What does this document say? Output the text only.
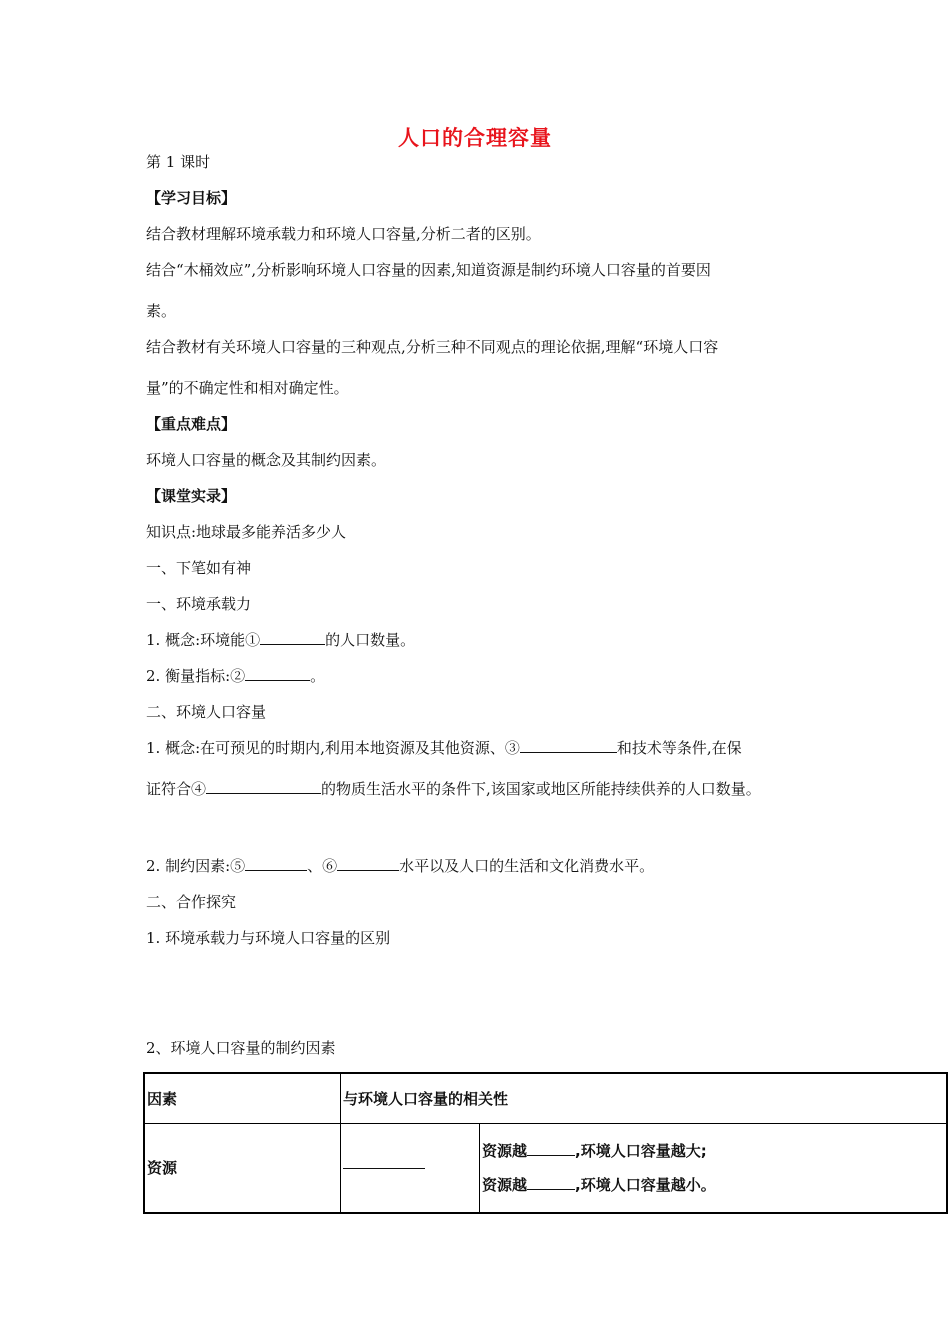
人口的合理容量
第 1 课时
【学习目标】
结合教材理解环境承载力和环境人口容量,分析二者的区别。
结合“木桶效应”,分析影响环境人口容量的因素,知道资源是制约环境人口容量的首要因
素。
结合教材有关环境人口容量的三种观点,分析三种不同观点的理论依据,理解“环境人口容
量”的不确定性和相对确定性。
【重点难点】
环境人口容量的概念及其制约因素。
【课堂实录】
知识点:地球最多能养活多少人
一、下笔如有神
一、环境承载力
1. 概念:环境能①	的人口数量。
2. 衡量指标:②	。
二、环境人口容量
1. 概念:在可预见的时期内,利用本地资源及其他资源、③	和技术等条件,在保
证符合④	的物质生活水平的条件下,该国家或地区所能持续供养的人口数量。
2. 制约因素:⑤	、⑥	水平以及人口的生活和文化消费水平。
二、合作探究
1. 环境承载力与环境人口容量的区别
2、环境人口容量的制约因素
因素	与环境人口容量的相关性	
资源		资源越 ,环境人口容量越大;
资源越 ,环境人口容量越小。
